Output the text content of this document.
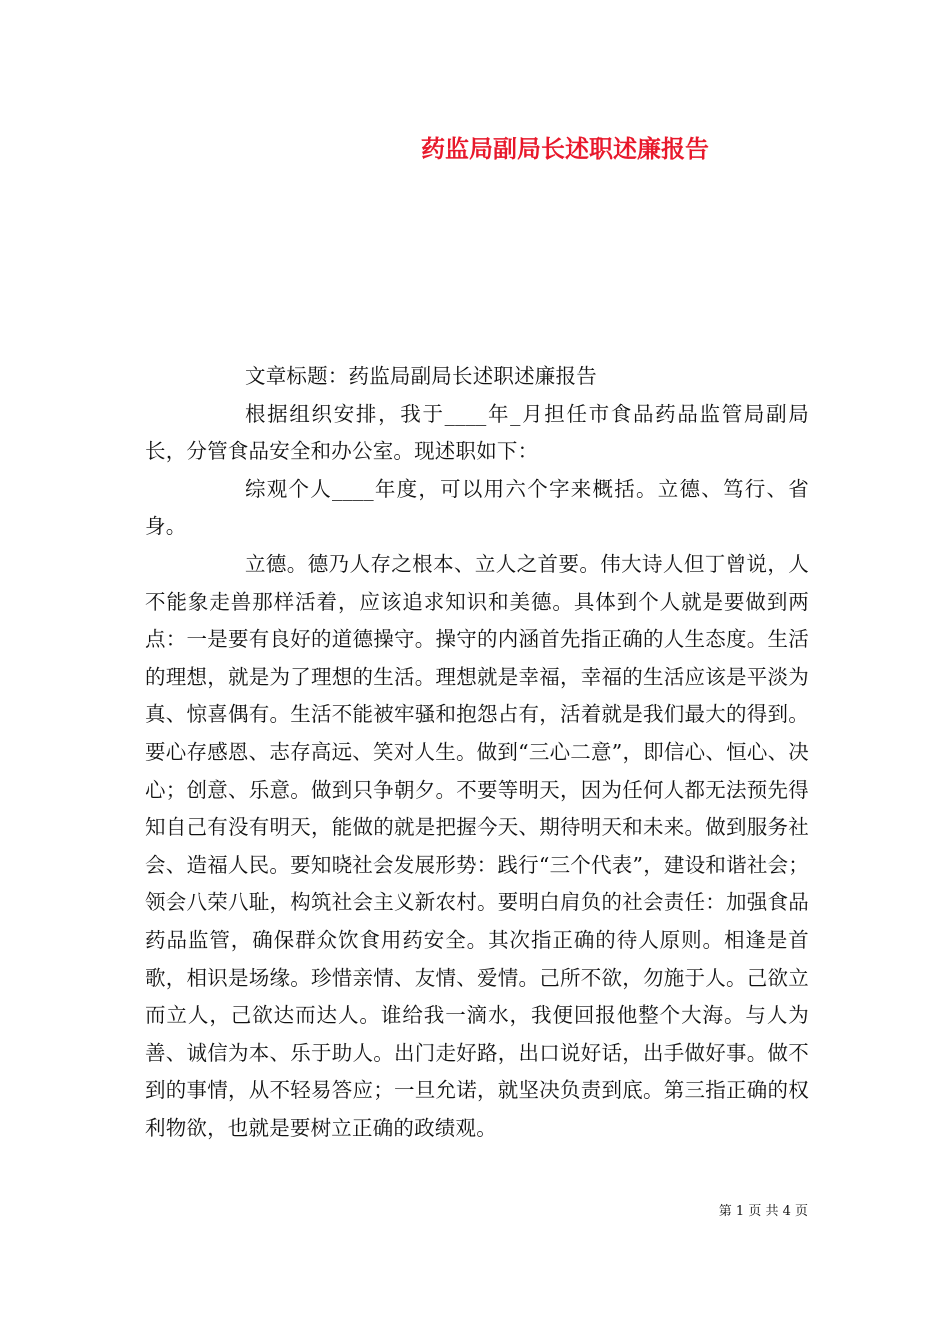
药监局副局长述职述廉报告

文章标题：药监局副局长述职述廉报告

根据组织安排，我于____年_月担任市食品药品监管局副局长，分管食品安全和办公室。现述职如下：

综观个人____年度，可以用六个字来概括。立德、笃行、省身。

立德。德乃人存之根本、立人之首要。伟大诗人但丁曾说，人不能象走兽那样活着，应该追求知识和美德。具体到个人就是要做到两点：一是要有良好的道德操守。操守的内涵首先指正确的人生态度。生活的理想，就是为了理想的生活。理想就是幸福，幸福的生活应该是平淡为真、惊喜偶有。生活不能被牢骚和抱怨占有，活着就是我们最大的得到。要心存感恩、志存高远、笑对人生。做到“三心二意”，即信心、恒心、决心；创意、乐意。做到只争朝夕。不要等明天，因为任何人都无法预先得知自己有没有明天，能做的就是把握今天、期待明天和未来。做到服务社会、造福人民。要知晓社会发展形势：践行“三个代表”，建设和谐社会；领会八荣八耻，构筑社会主义新农村。要明白肩负的社会责任：加强食品药品监管，确保群众饮食用药安全。其次指正确的待人原则。相逢是首歌，相识是场缘。珍惜亲情、友情、爱情。己所不欲，勿施于人。己欲立而立人，己欲达而达人。谁给我一滴水，我便回报他整个大海。与人为善、诚信为本、乐于助人。出门走好路，出口说好话，出手做好事。做不到的事情，从不轻易答应；一旦允诺，就坚决负责到底。第三指正确的权利物欲，也就是要树立正确的政绩观。

第 1 页 共 4 页
